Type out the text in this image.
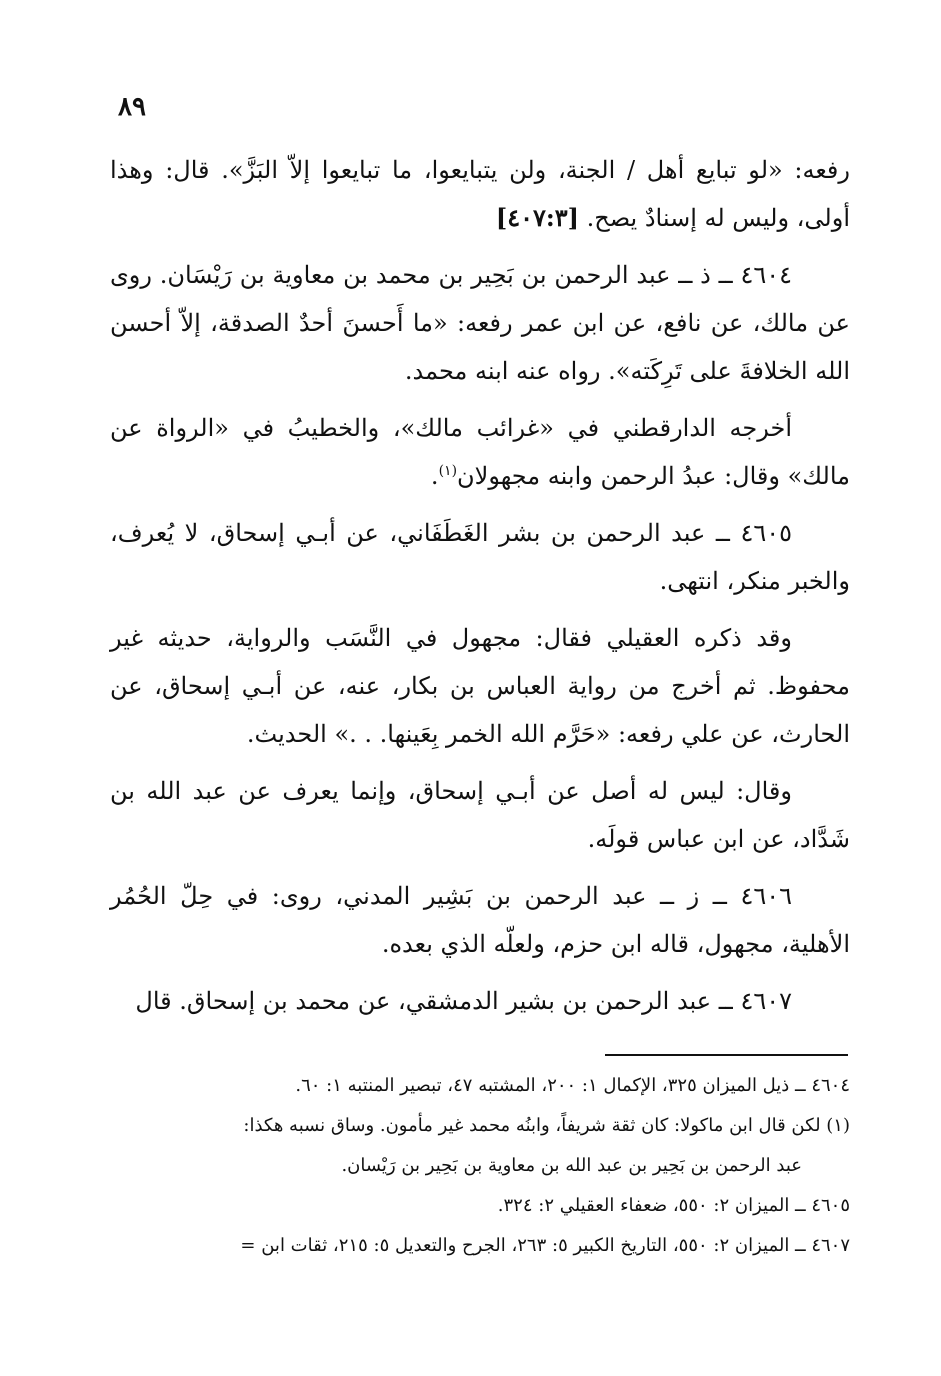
٨٩

رفعه: «لو تبايع أهل / الجنة، ولن يتبايعوا، ما تبايعوا إلاّ البَزَّ». قال: وهذا أولى، وليس له إسنادٌ يصح. [٤٠٧:٣]

٤٦٠٤ ــ ذ ــ عبد الرحمن بن بَحِير بن محمد بن معاوية بن رَيْسَان. روى عن مالك، عن نافع، عن ابن عمر رفعه: «ما أَحسنَ أحدٌ الصدقة، إلاّ أحسن الله الخلافةَ على تَرِكَته». رواه عنه ابنه محمد.

أخرجه الدارقطني في «غرائب مالك»، والخطيبُ في «الرواة عن مالك» وقال: عبدُ الرحمن وابنه مجهولان$^{(١)}$.

٤٦٠٥ ــ عبد الرحمن بن بشر الغَطَفَاني، عن أبـي إسحاق، لا يُعرف، والخبر منكر، انتهى.

وقد ذكره العقيلي فقال: مجهول في النَّسَب والرواية، حديثه غير محفوظ. ثم أخرج من رواية العباس بن بكار، عنه، عن أبـي إسحاق، عن الحارث، عن علي رفعه: «حَرَّم الله الخمر بِعَينها. . .» الحديث.

وقال: ليس له أصل عن أبـي إسحاق، وإنما يعرف عن عبد الله بن شَدَّاد، عن ابن عباس قولَه.

٤٦٠٦ ــ ز ــ عبد الرحمن بن بَشِير المدني، روى: في حِلّ الحُمُر الأهلية، مجهول، قاله ابن حزم، ولعلّه الذي بعده.

٤٦٠٧ ــ عبد الرحمن بن بشير الدمشقي، عن محمد بن إسحاق. قال

٤٦٠٤ ــ ذيل الميزان ٣٢٥، الإكمال ١: ٢٠٠، المشتبه ٤٧، تبصير المنتبه ١: ٦٠.

(١) لكن قال ابن ماكولا: كان ثقة شريفاً، وابنُه محمد غير مأمون. وساق نسبه هكذا:

عبد الرحمن بن بَحِير بن عبد الله بن معاوية بن بَحِير بن رَيْسان.

٤٦٠٥ ــ الميزان ٢: ٥٥٠، ضعفاء العقيلي ٢: ٣٢٤.

٤٦٠٧ ــ الميزان ٢: ٥٥٠، التاريخ الكبير ٥: ٢٦٣، الجرح والتعديل ٥: ٢١٥، ثقات ابن =
